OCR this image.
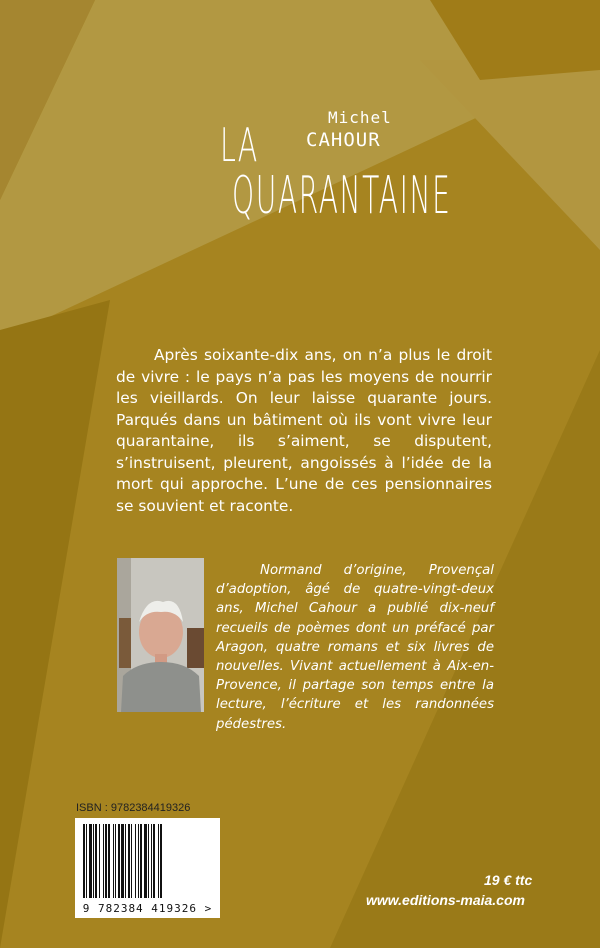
Michel
CAHOUR
LA
QUARANTAINE

Après soixante-dix ans, on n’a plus le droit de vivre : le pays n’a pas les moyens de nourrir les vieillards. On leur laisse quarante jours. Parqués dans un bâtiment où ils vont vivre leur quarantaine, ils s’aiment, se disputent, s’instruisent, pleurent, angoissés à l’idée de la mort qui approche. L’une de ces pensionnaires se souvient et raconte.

Normand d’origine, Provençal d’adoption, âgé de quatre-vingt-deux ans, Michel Cahour a publié dix-neuf recueils de poèmes dont un préfacé par Aragon, quatre romans et six livres de nouvelles. Vivant actuellement à Aix-en-Provence, il partage son temps entre la lecture, l’écriture et les randonnées pédestres.

ISBN : 9782384419326
9 782384 419326 >
19 € ttc
www.editions-maia.com
